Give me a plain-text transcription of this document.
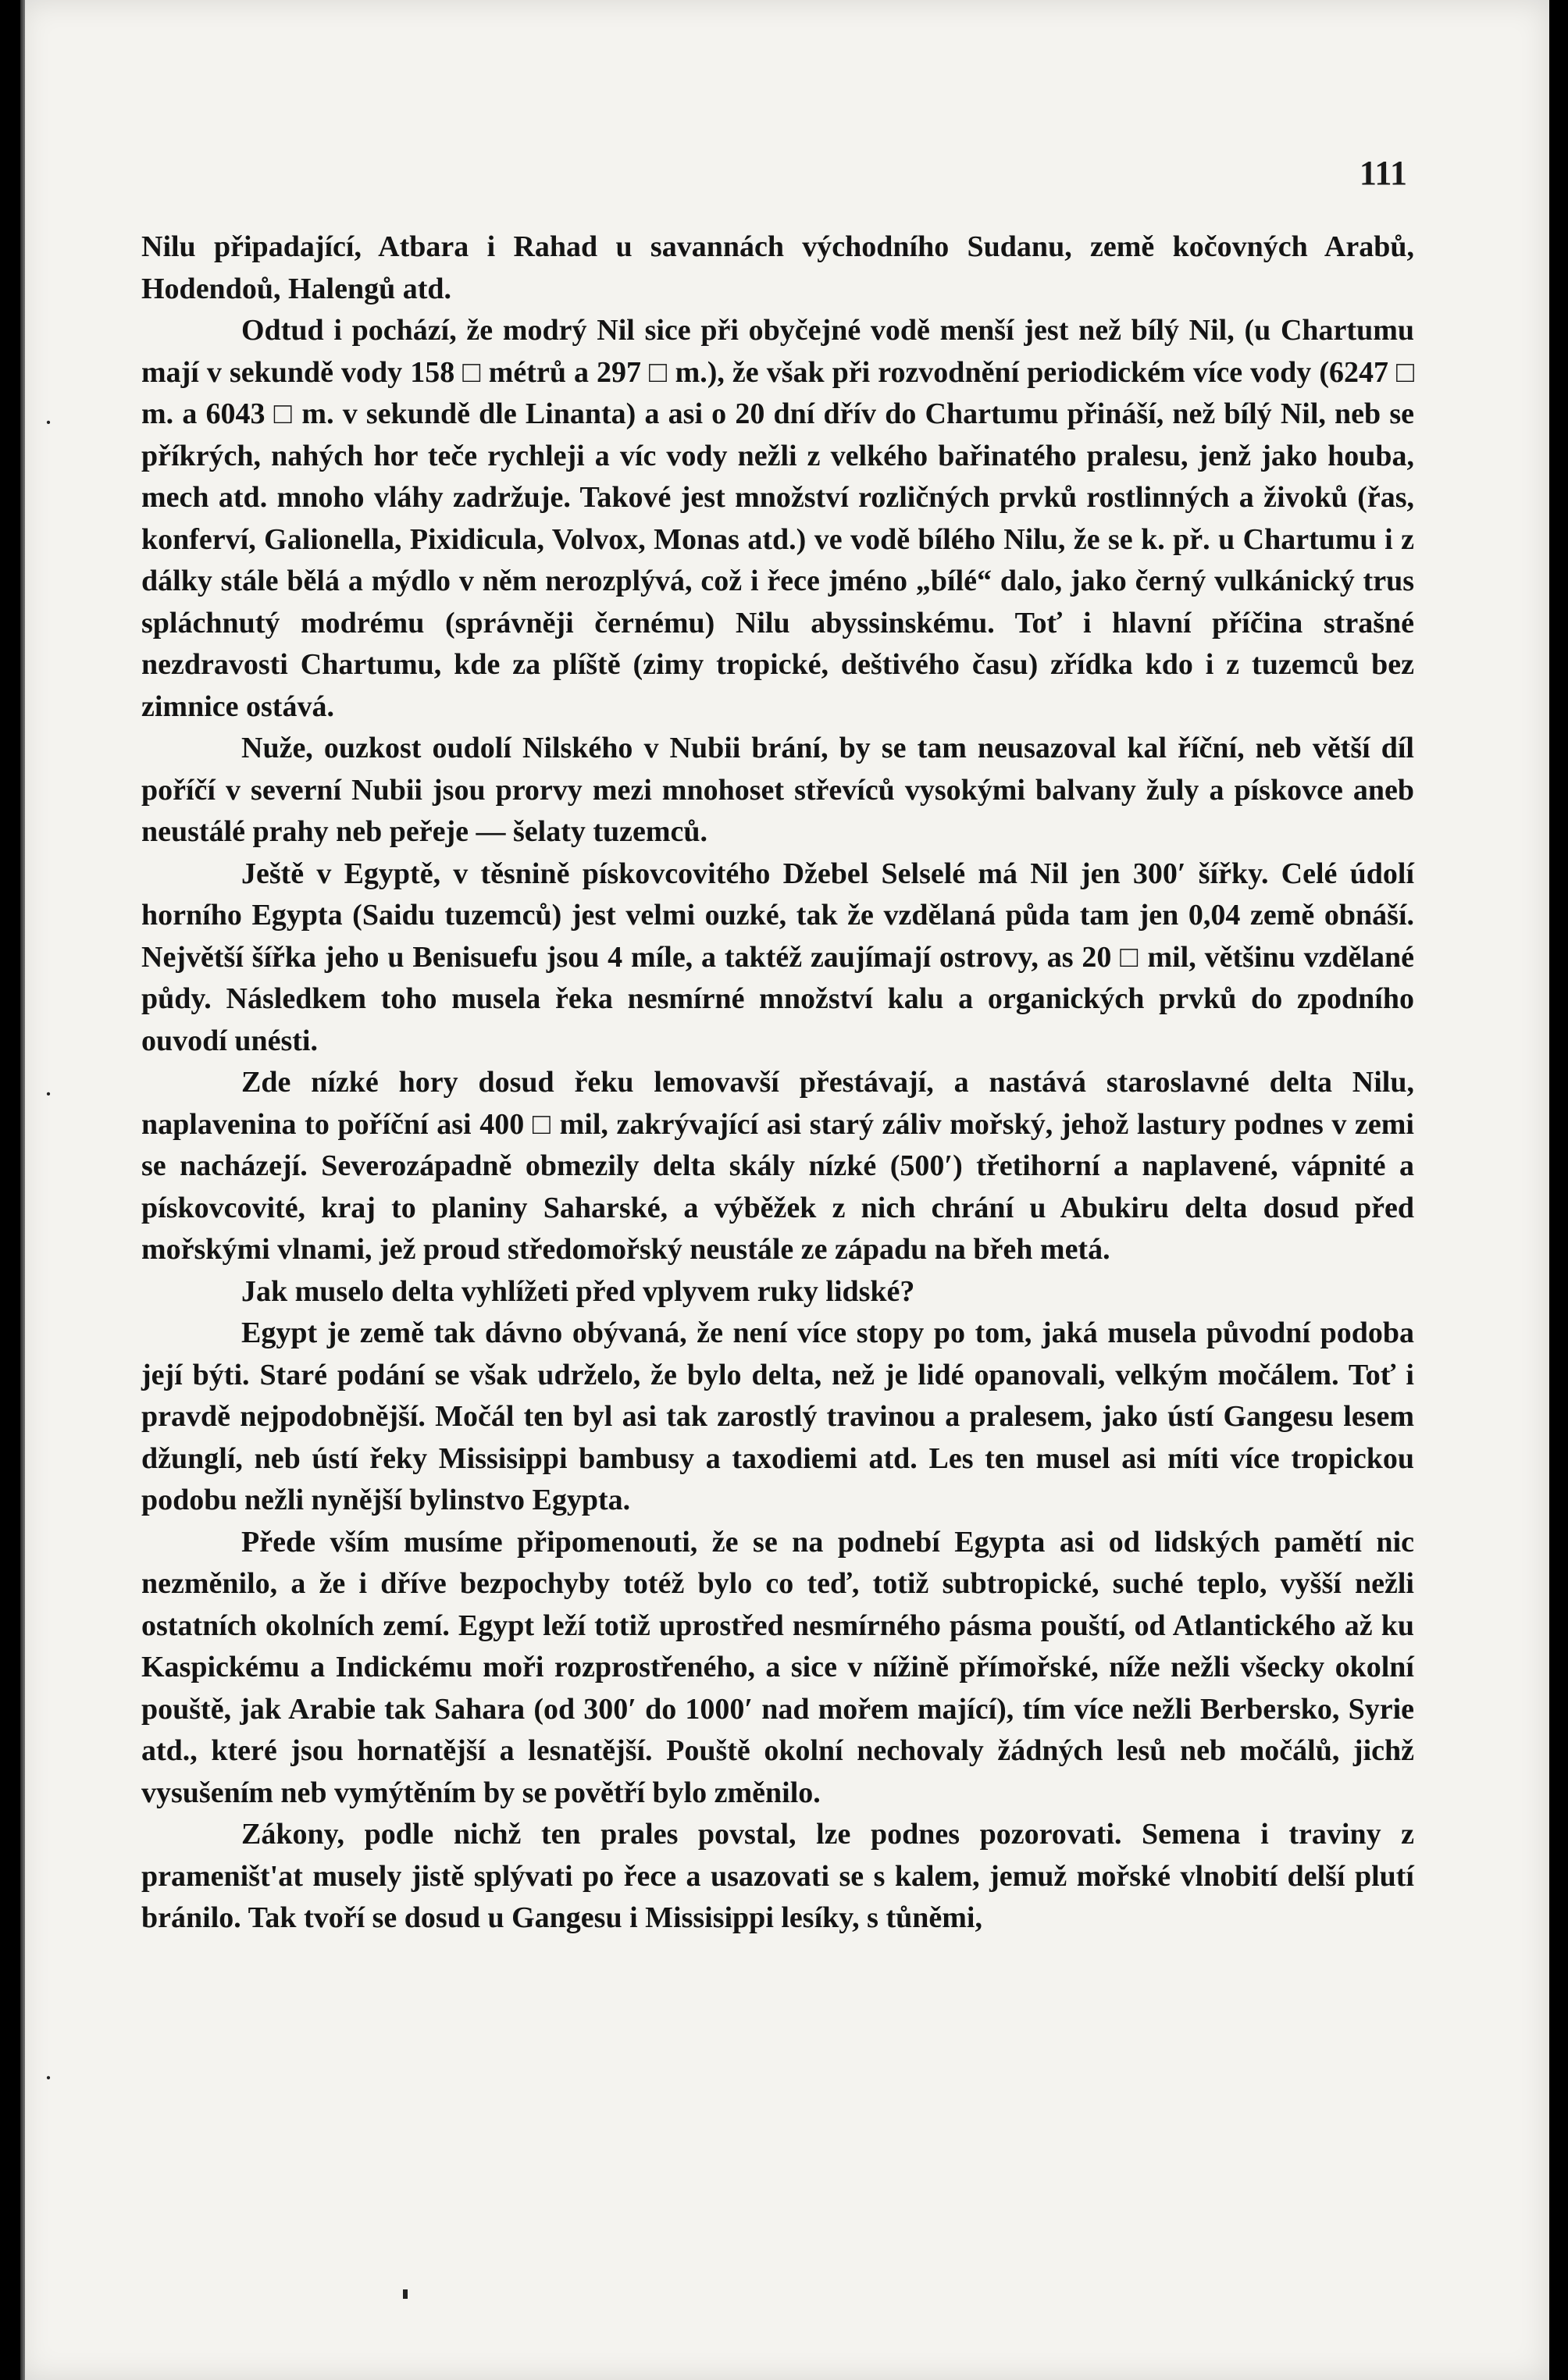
·
·
·
111

Nilu připadající, Atbara i Rahad u savannách východního Sudanu, země kočovných Arabů, Hodendoů, Halengů atd.

Odtud i pochází, že modrý Nil sice při obyčejné vodě menší jest než bílý Nil, (u Chartumu mají v sekundě vody 158 □ métrů a 297 □ m.), že však při rozvodnění periodickém více vody (6247 □ m. a 6043 □ m. v sekundě dle Linanta) a asi o 20 dní dřív do Chartumu přináší, než bílý Nil, neb se příkrých, nahých hor teče rychleji a víc vody nežli z velkého bařinatého pralesu, jenž jako houba, mech atd. mnoho vláhy zadržuje. Takové jest množství rozličných prvků rostlinných a živoků (řas, konferví, Galionella, Pixidicula, Volvox, Monas atd.) ve vodě bílého Nilu, že se k. př. u Chartumu i z dálky stále bělá a mýdlo v něm nerozplývá, což i řece jméno „bílé“ dalo, jako černý vulkánický trus spláchnutý modrému (správněji černému) Nilu abyssinskému. Toť i hlavní příčina strašné nezdravosti Chartumu, kde za plíště (zimy tropické, deštivého času) zřídka kdo i z tuzemců bez zimnice ostává.

Nuže, ouzkost oudolí Nilského v Nubii brání, by se tam neusazoval kal říční, neb větší díl poříčí v severní Nubii jsou prorvy mezi mnohoset střevíců vysokými balvany žuly a pískovce aneb neustálé prahy neb peřeje — šelaty tuzemců.

Ještě v Egyptě, v těsnině pískovcovitého Džebel Selselé má Nil jen 300′ šířky. Celé údolí horního Egypta (Saidu tuzemců) jest velmi ouzké, tak že vzdělaná půda tam jen 0,04 země obnáší. Největší šířka jeho u Benisuefu jsou 4 míle, a taktéž zaujímají ostrovy, as 20 □ mil, většinu vzdělané půdy. Následkem toho musela řeka nesmírné množství kalu a organických prvků do zpodního ouvodí unésti.

Zde nízké hory dosud řeku lemovavší přestávají, a nastává staroslavné delta Nilu, naplavenina to poříční asi 400 □ mil, zakrývající asi starý záliv mořský, jehož lastury podnes v zemi se nacházejí. Severozápadně obmezily delta skály nízké (500′) třetihorní a naplavené, vápnité a pískovcovité, kraj to planiny Saharské, a výběžek z nich chrání u Abukiru delta dosud před mořskými vlnami, jež proud středomořský neustále ze západu na břeh metá.

Jak muselo delta vyhlížeti před vplyvem ruky lidské?

Egypt je země tak dávno obývaná, že není více stopy po tom, jaká musela původní podoba její býti. Staré podání se však udrželo, že bylo delta, než je lidé opanovali, velkým močálem. Toť i pravdě nejpodobnější. Močál ten byl asi tak zarostlý travinou a pralesem, jako ústí Gangesu lesem džunglí, neb ústí řeky Missisippi bambusy a taxodiemi atd. Les ten musel asi míti více tropickou podobu nežli nynější bylinstvo Egypta.

Přede vším musíme připomenouti, že se na podnebí Egypta asi od lidských pamětí nic nezměnilo, a že i dříve bezpochyby totéž bylo co teď, totiž subtropické, suché teplo, vyšší nežli ostatních okolních zemí. Egypt leží totiž uprostřed nesmírného pásma pouští, od Atlantického až ku Kaspickému a Indickému moři rozprostřeného, a sice v nížině přímořské, níže nežli všecky okolní pouště, jak Arabie tak Sahara (od 300′ do 1000′ nad mořem mající), tím více nežli Berbersko, Syrie atd., které jsou hornatější a lesnatější. Pouště okolní nechovaly žádných lesů neb močálů, jichž vysušením neb vymýtěním by se povětří bylo změnilo.

Zákony, podle nichž ten prales povstal, lze podnes pozorovati. Semena i traviny z prameništ'at musely jistě splývati po řece a usazovati se s kalem, jemuž mořské vlnobití delší plutí bránilo. Tak tvoří se dosud u Gangesu i Missisippi lesíky, s tůněmi,
